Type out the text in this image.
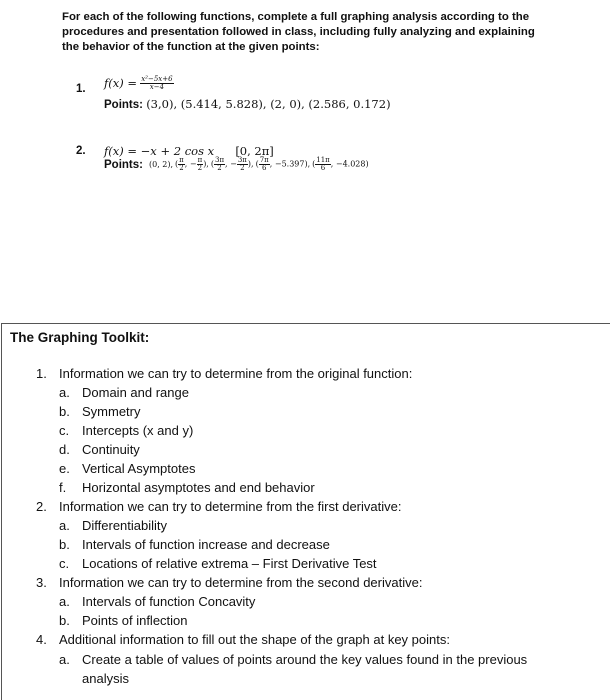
For each of the following functions, complete a full graphing analysis according to the procedures and presentation followed in class, including fully analyzing and explaining the behavior of the function at the given points:
1. $f(x) = \frac{\text{x²−5x+6}}{x-4}$
Points: (3,0), (5.414, 5.828), (2, 0), (2.586, 0.172)
2. f(x) = −x + 2 cos x [0, 2π]
Points: (0, 2), ( $\frac{\pi}{2}$ , − $\frac{\pi}{2}$ ), ( $\frac{3\pi}{2}$ , − $\frac{3\pi}{2}$ ), ( $\frac{7\pi}{6}$ , −5.397), ( $\frac{11\pi}{6}$ , −4.028)
The Graphing Toolkit:
1. Information we can try to determine from the original function:
a. Domain and range
b. Symmetry
c. Intercepts (x and y)
d. Continuity
e. Vertical Asymptotes
f. Horizontal asymptotes and end behavior
2. Information we can try to determine from the first derivative:
a. Differentiability
b. Intervals of function increase and decrease
c. Locations of relative extrema – First Derivative Test
3. Information we can try to determine from the second derivative:
a. Intervals of function Concavity
b. Points of inflection
4. Additional information to fill out the shape of the graph at key points:
a. Create a table of values of points around the key values found in the previous
analysis
